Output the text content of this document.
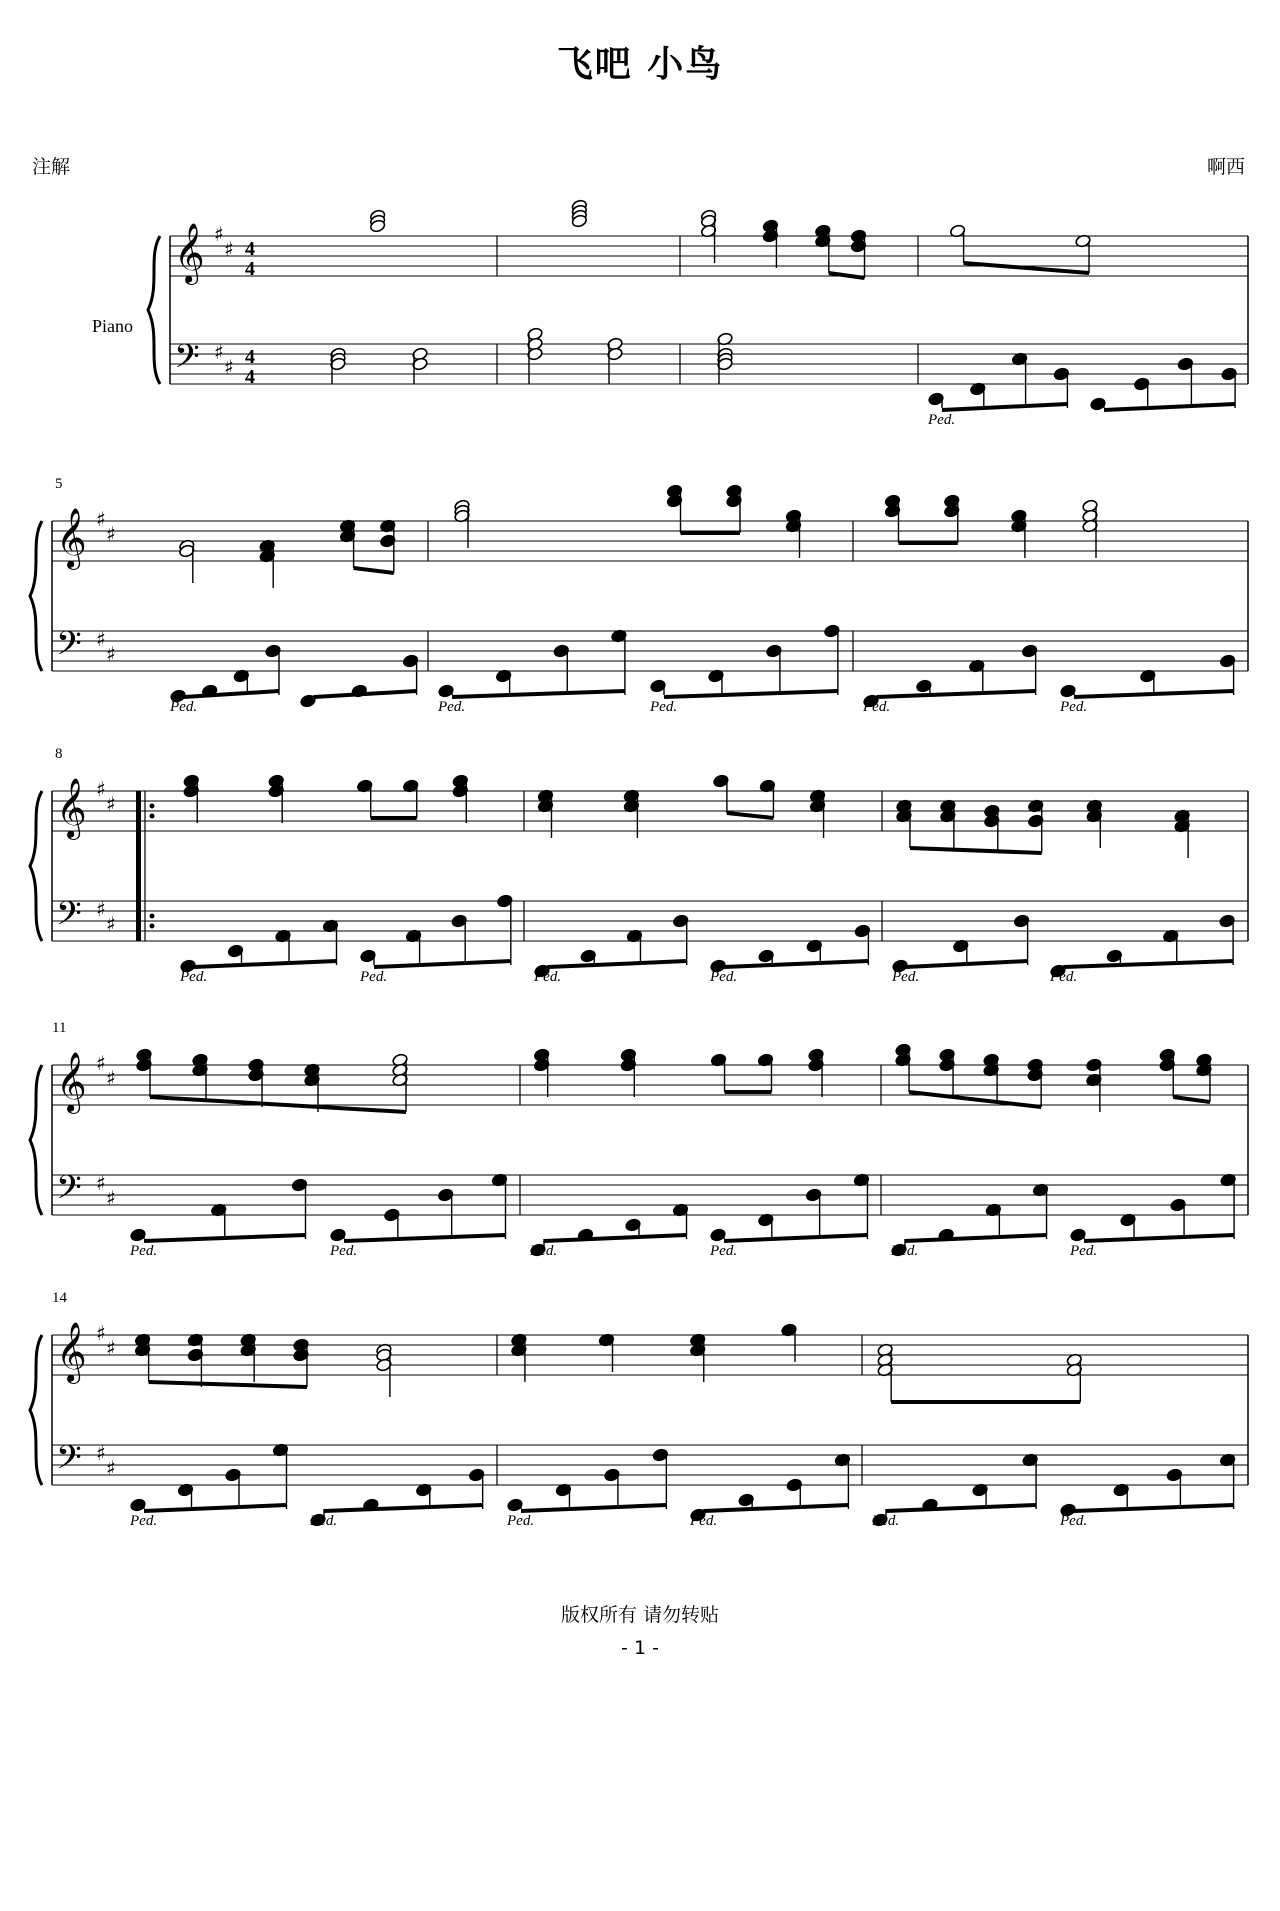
飞吧 小鸟
注解	啊西
Piano
5
8
11
14
𝄞
𝄢
♯
♯
♯
♯
4
4
4
4
𝄞
𝄢
♯
♯
♯
♯
𝄞
𝄢
♯
♯
♯
♯
𝄞
𝄢
♯
♯
♯
♯
𝄞
𝄢
♯
♯
♯
♯
Ped.
Ped.	Ped.	Ped.	Ped.	Ped.
Ped.	Ped.	Ped.	Ped.	Ped.	Ped.
Ped.	Ped.	Ped.	Ped.	Ped.	Ped.
Ped.	Ped.	Ped.	Ped.	Ped.	Ped.
版权所有 请勿转贴
- 1 -
